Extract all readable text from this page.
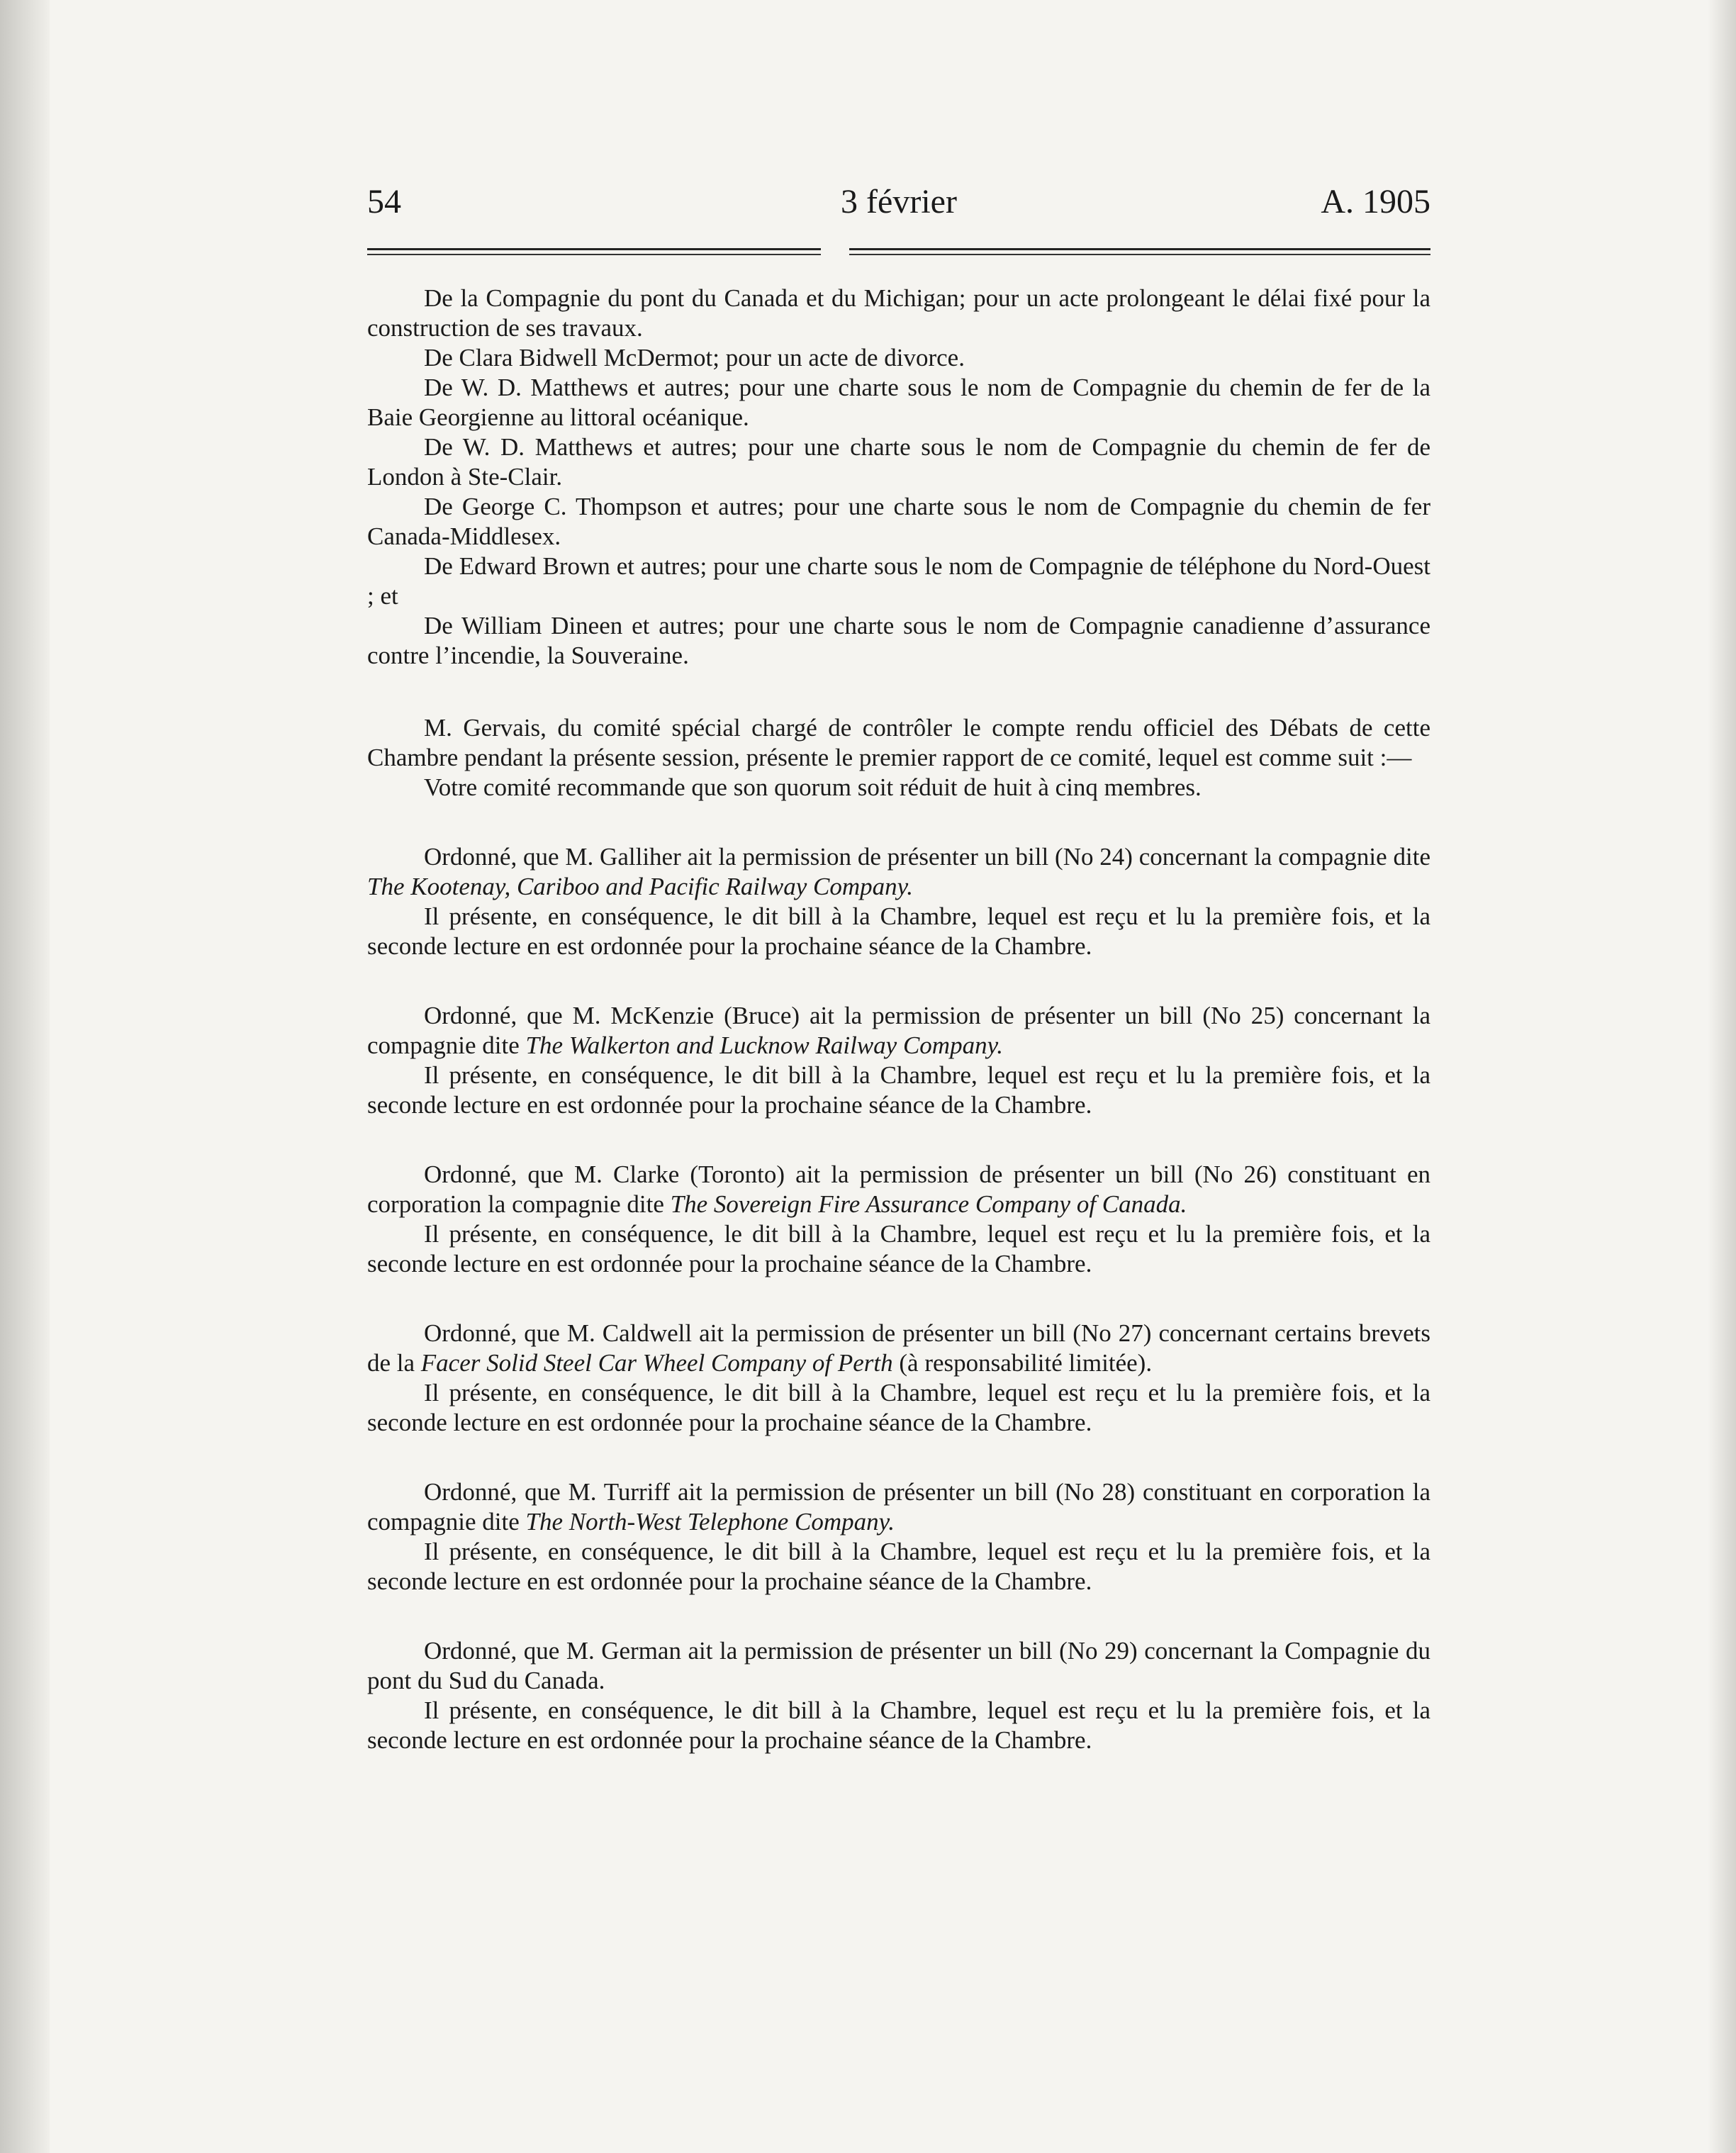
54	3 février	A. 1905

De la Compagnie du pont du Canada et du Michigan; pour un acte prolongeant le délai fixé pour la construction de ses travaux.

De Clara Bidwell McDermot; pour un acte de divorce.

De W. D. Matthews et autres; pour une charte sous le nom de Compagnie du chemin de fer de la Baie Georgienne au littoral océanique.

De W. D. Matthews et autres; pour une charte sous le nom de Compagnie du chemin de fer de London à Ste-Clair.

De George C. Thompson et autres; pour une charte sous le nom de Compagnie du chemin de fer Canada-Middlesex.

De Edward Brown et autres; pour une charte sous le nom de Compagnie de téléphone du Nord-Ouest ; et

De William Dineen et autres; pour une charte sous le nom de Compagnie canadienne d’assurance contre l’incendie, la Souveraine.

M. Gervais, du comité spécial chargé de contrôler le compte rendu officiel des Débats de cette Chambre pendant la présente session, présente le premier rapport de ce comité, lequel est comme suit :—

Votre comité recommande que son quorum soit réduit de huit à cinq membres.

Ordonné, que M. Galliher ait la permission de présenter un bill (No 24) concernant la compagnie dite The Kootenay, Cariboo and Pacific Railway Company.

Il présente, en conséquence, le dit bill à la Chambre, lequel est reçu et lu la première fois, et la seconde lecture en est ordonnée pour la prochaine séance de la Chambre.

Ordonné, que M. McKenzie (Bruce) ait la permission de présenter un bill (No 25) concernant la compagnie dite The Walkerton and Lucknow Railway Company.

Il présente, en conséquence, le dit bill à la Chambre, lequel est reçu et lu la première fois, et la seconde lecture en est ordonnée pour la prochaine séance de la Chambre.

Ordonné, que M. Clarke (Toronto) ait la permission de présenter un bill (No 26) constituant en corporation la compagnie dite The Sovereign Fire Assurance Company of Canada.

Il présente, en conséquence, le dit bill à la Chambre, lequel est reçu et lu la première fois, et la seconde lecture en est ordonnée pour la prochaine séance de la Chambre.

Ordonné, que M. Caldwell ait la permission de présenter un bill (No 27) concernant certains brevets de la Facer Solid Steel Car Wheel Company of Perth (à responsabilité limitée).

Il présente, en conséquence, le dit bill à la Chambre, lequel est reçu et lu la première fois, et la seconde lecture en est ordonnée pour la prochaine séance de la Chambre.

Ordonné, que M. Turriff ait la permission de présenter un bill (No 28) constituant en corporation la compagnie dite The North-West Telephone Company.

Il présente, en conséquence, le dit bill à la Chambre, lequel est reçu et lu la première fois, et la seconde lecture en est ordonnée pour la prochaine séance de la Chambre.

Ordonné, que M. German ait la permission de présenter un bill (No 29) concernant la Compagnie du pont du Sud du Canada.

Il présente, en conséquence, le dit bill à la Chambre, lequel est reçu et lu la première fois, et la seconde lecture en est ordonnée pour la prochaine séance de la Chambre.
